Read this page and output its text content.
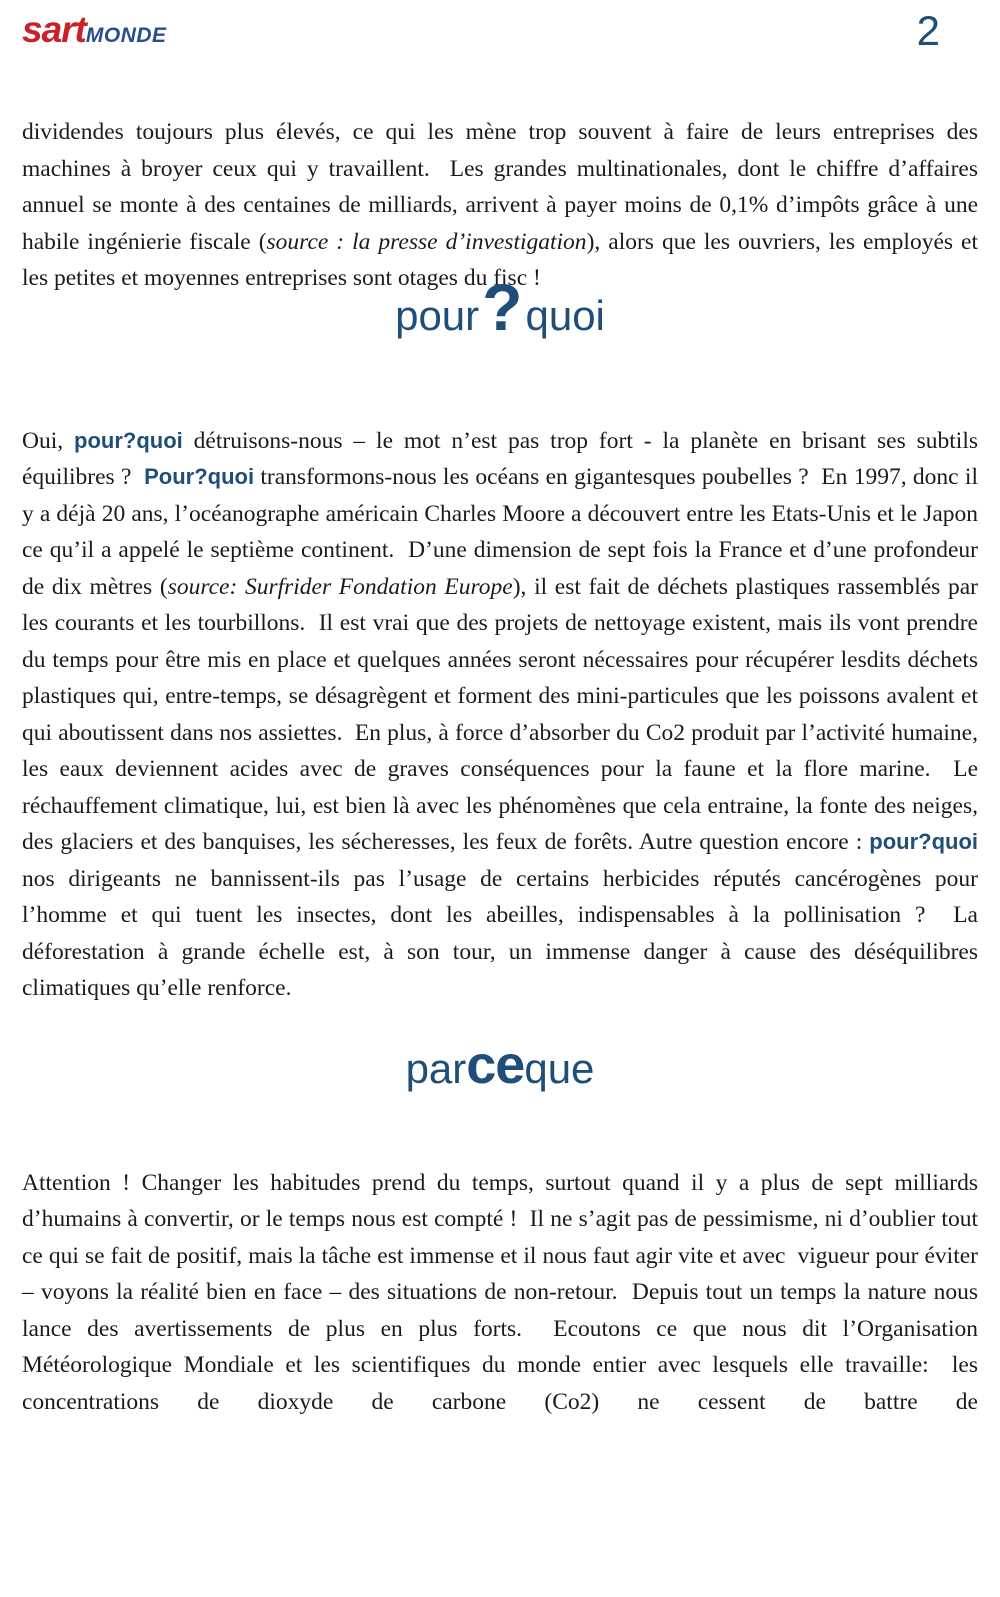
sartMONDE	2

dividendes toujours plus élevés, ce qui les mène trop souvent à faire de leurs entreprises des machines à broyer ceux qui y travaillent.  Les grandes multinationales, dont le chiffre d’affaires annuel se monte à des centaines de milliards, arrivent à payer moins de 0,1% d’impôts grâce à une habile ingénierie fiscale (source : la presse d’investigation), alors que les ouvriers, les employés et les petites et moyennes entreprises sont otages du fisc !

pour ? quoi

Oui, pour?quoi détruisons-nous – le mot n’est pas trop fort - la planète en brisant ses subtils équilibres ?  Pour?quoi transformons-nous les océans en gigantesques poubelles ?  En 1997, donc il y a déjà 20 ans, l’océanographe américain Charles Moore a découvert entre les Etats-Unis et le Japon ce qu’il a appelé le septième continent.  D’une dimension de sept fois la France et d’une profondeur de dix mètres (source: Surfrider Fondation Europe), il est fait de déchets plastiques rassemblés par les courants et les tourbillons.  Il est vrai que des projets de nettoyage existent, mais ils vont prendre du temps pour être mis en place et quelques années seront nécessaires pour récupérer lesdits déchets plastiques qui, entre-temps, se désagrègent et forment des mini-particules que les poissons avalent et qui aboutissent dans nos assiettes.  En plus, à force d’absorber du Co2 produit par l’activité humaine, les eaux deviennent acides avec de graves conséquences pour la faune et la flore marine.  Le réchauffement climatique, lui, est bien là avec les phénomènes que cela entraine, la fonte des neiges, des glaciers et des banquises, les sécheresses, les feux de forêts. Autre question encore : pour?quoi nos dirigeants ne bannissent-ils pas l’usage de certains herbicides réputés cancérogènes pour l’homme et qui tuent les insectes, dont les abeilles, indispensables à la pollinisation ?  La déforestation à grande échelle est, à son tour, un immense danger à cause des déséquilibres climatiques qu’elle renforce.

par ce que

Attention ! Changer les habitudes prend du temps, surtout quand il y a plus de sept milliards d’humains à convertir, or le temps nous est compté !  Il ne s’agit pas de pessimisme, ni d’oublier tout ce qui se fait de positif, mais la tâche est immense et il nous faut agir vite et avec  vigueur pour éviter – voyons la réalité bien en face – des situations de non-retour.  Depuis tout un temps la nature nous lance des avertissements de plus en plus forts.  Ecoutons ce que nous dit l’Organisation Météorologique Mondiale et les scientifiques du monde entier avec lesquels elle travaille:  les concentrations de dioxyde de carbone (Co2) ne cessent de battre de
